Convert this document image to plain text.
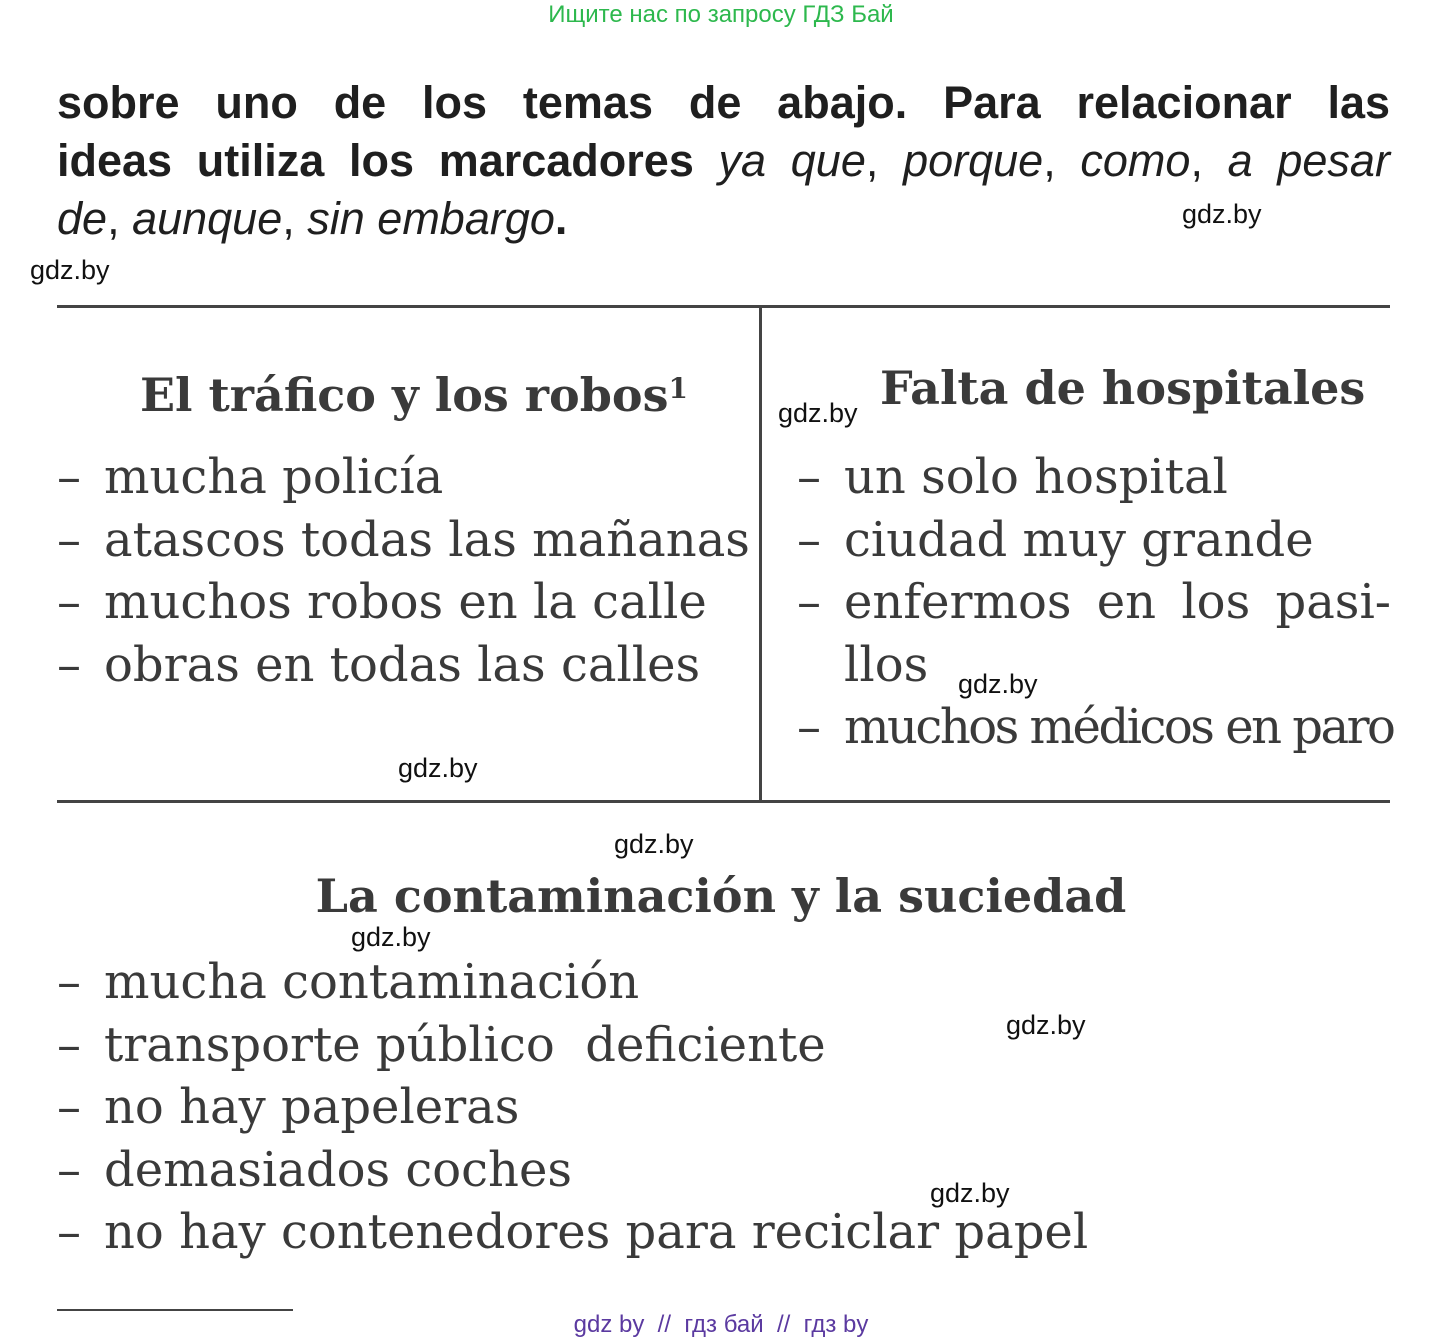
Ищите нас по запросу ГДЗ Бай

sobre uno de los temas de abajo. Para relacionar las

ideas utiliza los marcadores ya que, porque, como, a pesar

de, aunque, sin embargo.	gdz.by
gdz.by
gdz.by
gdz.by
gdz.by
gdz.by
gdz.by
gdz.by
gdz.by
El tráfico y los robos$^1$
– mucha policía
– atascos todas las mañanas
– muchos robos en la calle
– obras en todas las calles
Falta de hospitales
– un solo hospital
– ciudad muy grande
– enfermos en los pasi-
llos
– muchos médicos en paro
La contaminación y la suciedad
– mucha contaminación
– transporte público  deficiente
– no hay papeleras
– demasiados coches
– no hay contenedores para reciclar papel
gdz by  //  гдз бай  //  гдз by
